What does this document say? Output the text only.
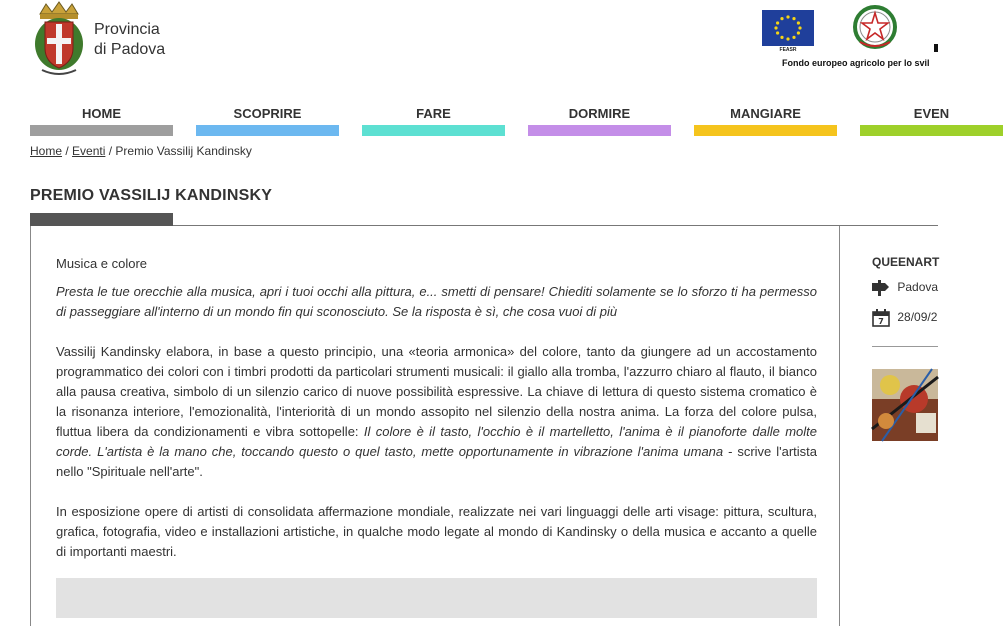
Provincia
di Padova	FEASR
Fondo europeo agricolo per lo svil
HOME	SCOPRIRE	FARE	DORMIRE	MANGIARE	EVEN
Home / Eventi / Premio Vassilij Kandinsky
PREMIO VASSILIJ KANDINSKY

Musica e colore

Presta le tue orecchie alla musica, apri i tuoi occhi alla pittura, e... smetti di pensare! Chiediti solamente se lo sforzo ti ha permesso di passeggiare all'interno di un mondo fin qui sconosciuto. Se la risposta è sì, che cosa vuoi di più

Vassilij Kandinsky elabora, in base a questo principio, una «teoria armonica» del colore, tanto da giungere ad un accostamento programmatico dei colori con i timbri prodotti da particolari strumenti musicali: il giallo alla tromba, l'azzurro chiaro al flauto, il bianco alla pausa creativa, simbolo di un silenzio carico di nuove possibilità espressive. La chiave di lettura di questo sistema cromatico è la risonanza interiore, l'emozionalità, l'interiorità di un mondo assopito nel silenzio della nostra anima. La forza del colore pulsa, fluttua libera da condizionamenti e vibra sottopelle: Il colore è il tasto, l'occhio è il martelletto, l'anima è il pianoforte dalle molte corde. L'artista è la mano che, toccando questo o quel tasto, mette opportunamente in vibrazione l'anima umana - scrive l'artista nello "Spirituale nell'arte".

In esposizione opere di artisti di consolidata affermazione mondiale, realizzate nei vari linguaggi delle arti visage: pittura, scultura, grafica, fotografia, video e installazioni artistiche, in qualche modo legate al mondo di Kandinsky o della musica e accanto a quelle di importanti maestri.

QUEENART
Padova
7 28/09/2
